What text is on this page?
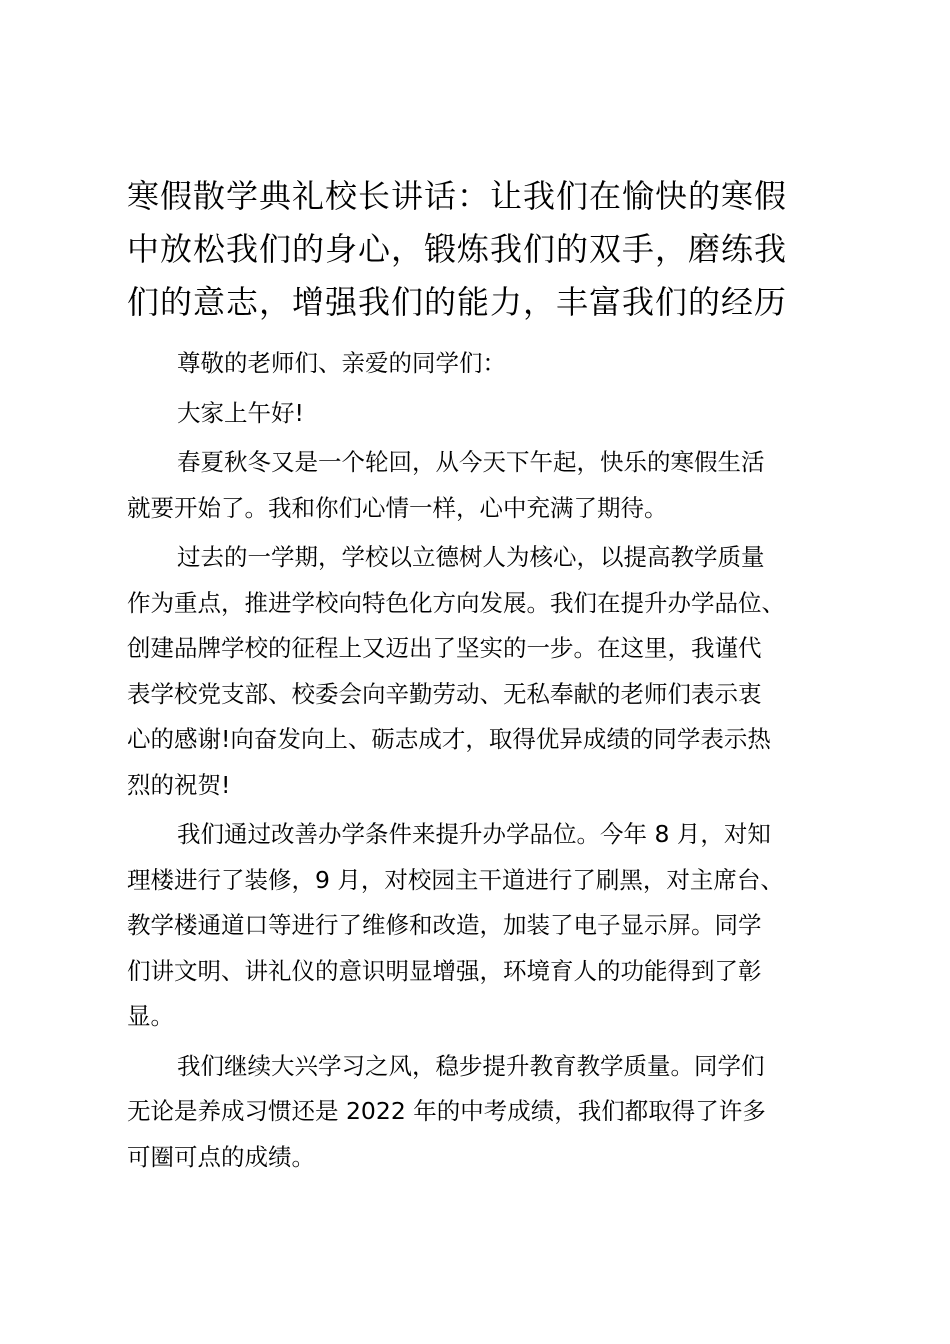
寒假散学典礼校长讲话：让我们在愉快的寒假
中放松我们的身心，锻炼我们的双手，磨练我
们的意志，增强我们的能力，丰富我们的经历

尊敬的老师们、亲爱的同学们：

大家上午好!

春夏秋冬又是一个轮回，从今天下午起，快乐的寒假生活
就要开始了。我和你们心情一样，心中充满了期待。

过去的一学期，学校以立德树人为核心，以提高教学质量
作为重点，推进学校向特色化方向发展。我们在提升办学品位、
创建品牌学校的征程上又迈出了坚实的一步。在这里，我谨代
表学校党支部、校委会向辛勤劳动、无私奉献的老师们表示衷
心的感谢!向奋发向上、砺志成才，取得优异成绩的同学表示热
烈的祝贺!

我们通过改善办学条件来提升办学品位。今年 8 月，对知
理楼进行了装修，9 月，对校园主干道进行了刷黑，对主席台、
教学楼通道口等进行了维修和改造，加装了电子显示屏。同学
们讲文明、讲礼仪的意识明显增强，环境育人的功能得到了彰
显。

我们继续大兴学习之风，稳步提升教育教学质量。同学们
无论是养成习惯还是 2022 年的中考成绩，我们都取得了许多
可圈可点的成绩。
